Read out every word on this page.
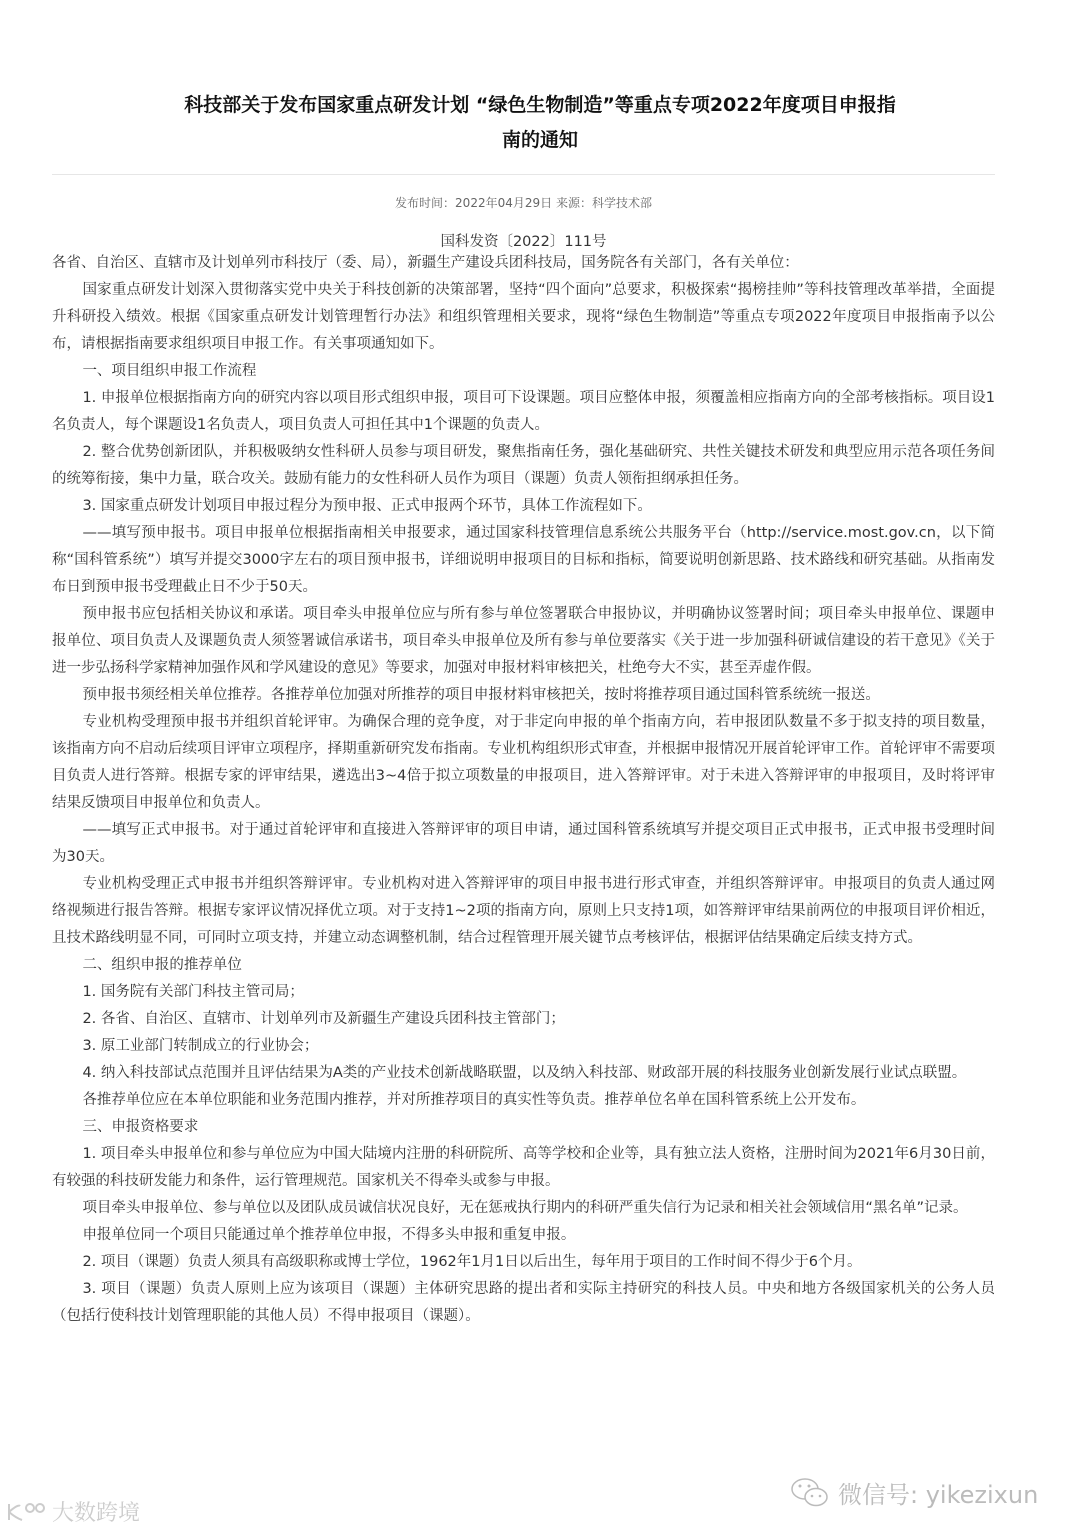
科技部关于发布国家重点研发计划 “绿色生物制造”等重点专项2022年度项目申报指
南的通知
发布时间：2022年04月29日 来源：科学技术部
国科发资〔2022〕111号

各省、自治区、直辖市及计划单列市科技厅（委、局），新疆生产建设兵团科技局，国务院各有关部门，各有关单位：

国家重点研发计划深入贯彻落实党中央关于科技创新的决策部署，坚持“四个面向”总要求，积极探索“揭榜挂帅”等科技管理改革举措，全面提升科研投入绩效。根据《国家重点研发计划管理暂行办法》和组织管理相关要求，现将“绿色生物制造”等重点专项2022年度项目申报指南予以公布，请根据指南要求组织项目申报工作。有关事项通知如下。

一、项目组织申报工作流程

1. 申报单位根据指南方向的研究内容以项目形式组织申报，项目可下设课题。项目应整体申报，须覆盖相应指南方向的全部考核指标。项目设1名负责人，每个课题设1名负责人，项目负责人可担任其中1个课题的负责人。

2. 整合优势创新团队，并积极吸纳女性科研人员参与项目研发，聚焦指南任务，强化基础研究、共性关键技术研发和典型应用示范各项任务间的统筹衔接，集中力量，联合攻关。鼓励有能力的女性科研人员作为项目（课题）负责人领衔担纲承担任务。

3. 国家重点研发计划项目申报过程分为预申报、正式申报两个环节，具体工作流程如下。

——填写预申报书。项目申报单位根据指南相关申报要求，通过国家科技管理信息系统公共服务平台（http://service.most.gov.cn，以下简称“国科管系统”）填写并提交3000字左右的项目预申报书，详细说明申报项目的目标和指标，简要说明创新思路、技术路线和研究基础。从指南发布日到预申报书受理截止日不少于50天。

预申报书应包括相关协议和承诺。项目牵头申报单位应与所有参与单位签署联合申报协议，并明确协议签署时间；项目牵头申报单位、课题申报单位、项目负责人及课题负责人须签署诚信承诺书，项目牵头申报单位及所有参与单位要落实《关于进一步加强科研诚信建设的若干意见》《关于进一步弘扬科学家精神加强作风和学风建设的意见》等要求，加强对申报材料审核把关，杜绝夸大不实，甚至弄虚作假。

预申报书须经相关单位推荐。各推荐单位加强对所推荐的项目申报材料审核把关，按时将推荐项目通过国科管系统统一报送。

专业机构受理预申报书并组织首轮评审。为确保合理的竞争度，对于非定向申报的单个指南方向，若申报团队数量不多于拟支持的项目数量，该指南方向不启动后续项目评审立项程序，择期重新研究发布指南。专业机构组织形式审查，并根据申报情况开展首轮评审工作。首轮评审不需要项目负责人进行答辩。根据专家的评审结果，遴选出3~4倍于拟立项数量的申报项目，进入答辩评审。对于未进入答辩评审的申报项目，及时将评审结果反馈项目申报单位和负责人。

——填写正式申报书。对于通过首轮评审和直接进入答辩评审的项目申请，通过国科管系统填写并提交项目正式申报书，正式申报书受理时间为30天。

专业机构受理正式申报书并组织答辩评审。专业机构对进入答辩评审的项目申报书进行形式审查，并组织答辩评审。申报项目的负责人通过网络视频进行报告答辩。根据专家评议情况择优立项。对于支持1~2项的指南方向，原则上只支持1项，如答辩评审结果前两位的申报项目评价相近，且技术路线明显不同，可同时立项支持，并建立动态调整机制，结合过程管理开展关键节点考核评估，根据评估结果确定后续支持方式。

二、组织申报的推荐单位

1. 国务院有关部门科技主管司局；

2. 各省、自治区、直辖市、计划单列市及新疆生产建设兵团科技主管部门；

3. 原工业部门转制成立的行业协会；

4. 纳入科技部试点范围并且评估结果为A类的产业技术创新战略联盟，以及纳入科技部、财政部开展的科技服务业创新发展行业试点联盟。

各推荐单位应在本单位职能和业务范围内推荐，并对所推荐项目的真实性等负责。推荐单位名单在国科管系统上公开发布。

三、申报资格要求

1. 项目牵头申报单位和参与单位应为中国大陆境内注册的科研院所、高等学校和企业等，具有独立法人资格，注册时间为2021年6月30日前，有较强的科技研发能力和条件，运行管理规范。国家机关不得牵头或参与申报。

项目牵头申报单位、参与单位以及团队成员诚信状况良好，无在惩戒执行期内的科研严重失信行为记录和相关社会领域信用“黑名单”记录。

申报单位同一个项目只能通过单个推荐单位申报，不得多头申报和重复申报。

2. 项目（课题）负责人须具有高级职称或博士学位，1962年1月1日以后出生，每年用于项目的工作时间不得少于6个月。

3. 项目（课题）负责人原则上应为该项目（课题）主体研究思路的提出者和实际主持研究的科技人员。中央和地方各级国家机关的公务人员（包括行使科技计划管理职能的其他人员）不得申报项目（课题）。

微信号: yikezixun
大数跨境
